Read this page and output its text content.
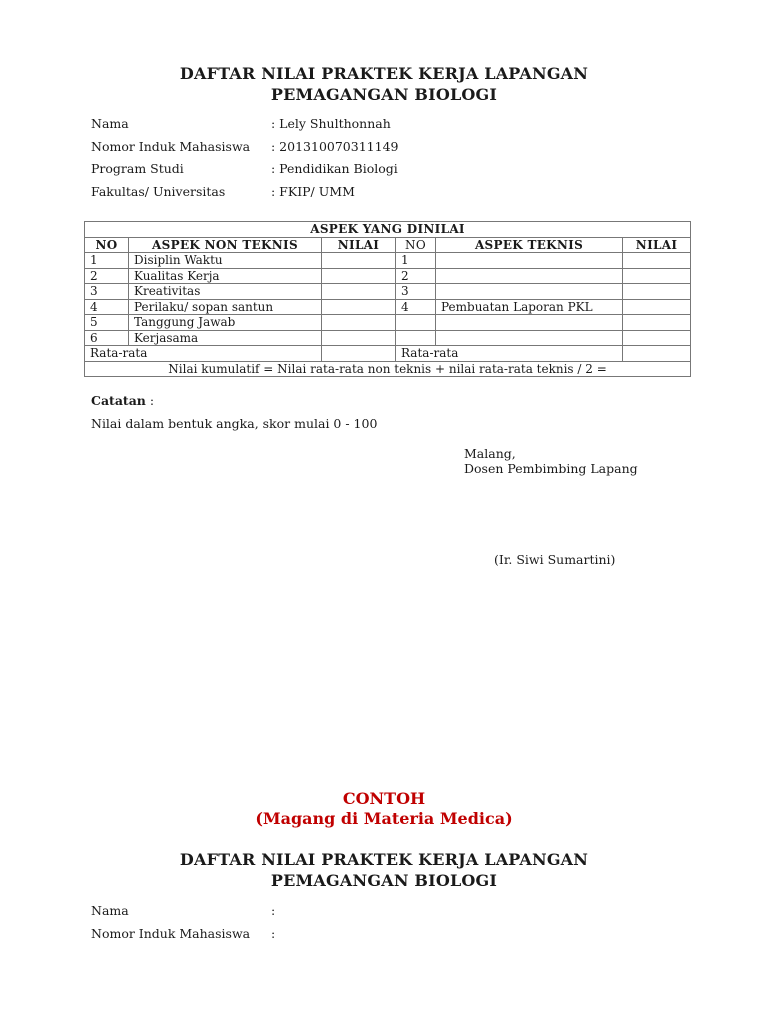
DAFTAR NILAI PRAKTEK KERJA LAPANGAN
PEMAGANGAN BIOLOGI
Nama	: Lely Shulthonnah
Nomor Induk Mahasiswa : 201310070311149
Program Studi	: Pendidikan Biologi
Fakultas/ Universitas	: FKIP/ UMM
ASPEK YANG DINILAI					
NO	ASPEK NON TEKNIS	NILAI	NO	ASPEK TEKNIS	NILAI
1	Disiplin Waktu		1		
2	Kualitas Kerja		2		
3	Kreativitas		3		
4	Perilaku/ sopan santun		4	Pembuatan Laporan PKL	
5	Tanggung Jawab				
6	Kerjasama				
Rata-rata			Rata-rata		
Nilai kumulatif = Nilai rata-rata non teknis + nilai rata-rata teknis / 2 =					
Catatan :
Nilai dalam bentuk angka, skor mulai 0 - 100
Malang,
Dosen Pembimbing Lapang
(Ir. Siwi Sumartini)
CONTOH
(Magang di Materia Medica)
DAFTAR NILAI PRAKTEK KERJA LAPANGAN
PEMAGANGAN BIOLOGI
Nama	:
Nomor Induk Mahasiswa :
